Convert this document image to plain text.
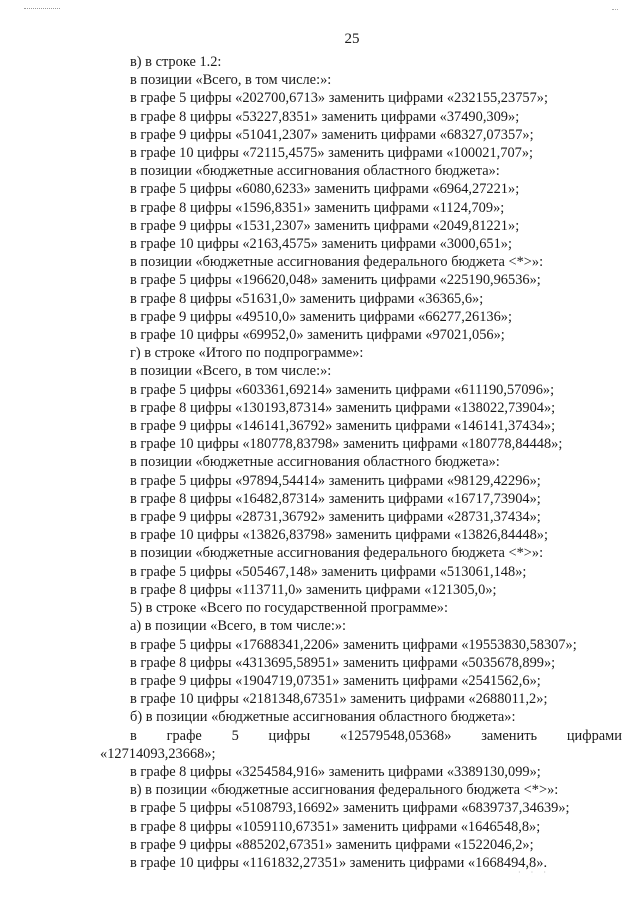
25
в) в строке 1.2:
в позиции «Всего, в том числе:»:
в графе 5 цифры «202700,6713» заменить цифрами «232155,23757»;
в графе 8 цифры «53227,8351» заменить цифрами «37490,309»;
в графе 9 цифры «51041,2307» заменить цифрами «68327,07357»;
в графе 10 цифры «72115,4575» заменить цифрами «100021,707»;
в позиции «бюджетные ассигнования областного бюджета»:
в графе 5 цифры «6080,6233» заменить цифрами «6964,27221»;
в графе 8 цифры «1596,8351» заменить цифрами «1124,709»;
в графе 9 цифры «1531,2307» заменить цифрами «2049,81221»;
в графе 10 цифры «2163,4575» заменить цифрами «3000,651»;
в позиции «бюджетные ассигнования федерального бюджета <*>»:
в графе 5 цифры «196620,048» заменить цифрами «225190,96536»;
в графе 8 цифры «51631,0» заменить цифрами «36365,6»;
в графе 9 цифры «49510,0» заменить цифрами «66277,26136»;
в графе 10 цифры «69952,0» заменить цифрами «97021,056»;
г) в строке «Итого по подпрограмме»:
в позиции «Всего, в том числе:»:
в графе 5 цифры «603361,69214» заменить цифрами «611190,57096»;
в графе 8 цифры «130193,87314» заменить цифрами «138022,73904»;
в графе 9 цифры «146141,36792» заменить цифрами «146141,37434»;
в графе 10 цифры «180778,83798» заменить цифрами «180778,84448»;
в позиции «бюджетные ассигнования областного бюджета»:
в графе 5 цифры «97894,54414» заменить цифрами «98129,42296»;
в графе 8 цифры «16482,87314» заменить цифрами «16717,73904»;
в графе 9 цифры «28731,36792» заменить цифрами «28731,37434»;
в графе 10 цифры «13826,83798» заменить цифрами «13826,84448»;
в позиции «бюджетные ассигнования федерального бюджета <*>»:
в графе 5 цифры «505467,148» заменить цифрами «513061,148»;
в графе 8 цифры «113711,0» заменить цифрами «121305,0»;
5) в строке «Всего по государственной программе»:
а) в позиции «Всего, в том числе:»:
в графе 5 цифры «17688341,2206» заменить цифрами «19553830,58307»;
в графе 8 цифры «4313695,58951» заменить цифрами «5035678,899»;
в графе 9 цифры «1904719,07351» заменить цифрами «2541562,6»;
в графе 10 цифры «2181348,67351» заменить цифрами «2688011,2»;
б) в позиции «бюджетные ассигнования областного бюджета»:
в графе 5 цифры «12579548,05368» заменить цифрами
«12714093,23668»;
в графе 8 цифры «3254584,916» заменить цифрами «3389130,099»;
в) в позиции «бюджетные ассигнования федерального бюджета <*>»:
в графе 5 цифры «5108793,16692» заменить цифрами «6839737,34639»;
в графе 8 цифры «1059110,67351» заменить цифрами «1646548,8»;
в графе 9 цифры «885202,67351» заменить цифрами «1522046,2»;
в графе 10 цифры «1161832,27351» заменить цифрами «1668494,8».
· · ·
